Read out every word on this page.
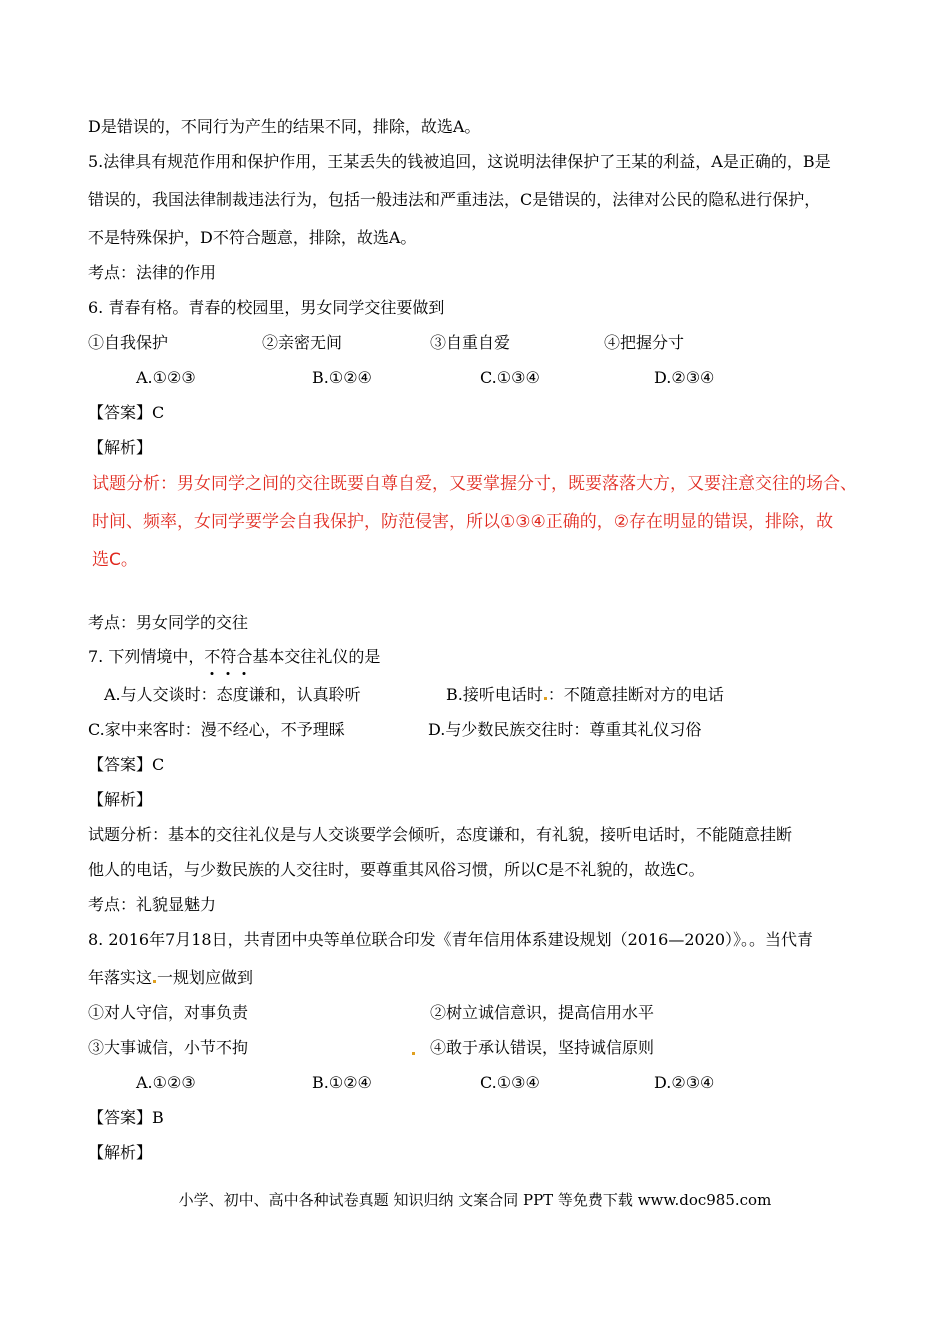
D是错误的，不同行为产生的结果不同，排除，故选A。
5.法律具有规范作用和保护作用，王某丢失的钱被追回，这说明法律保护了王某的利益，A是正确的，B是
错误的，我国法律制裁违法行为，包括一般违法和严重违法，C是错误的，法律对公民的隐私进行保护，
不是特殊保护，D不符合题意，排除，故选A。
考点：法律的作用
6. 青春有格。青春的校园里，男女同学交往要做到
①自我保护	②亲密无间	③自重自爱	④把握分寸
A.①②③	B.①②④	C.①③④	D.②③④
【答案】C
【解析】
试题分析：男女同学之间的交往既要自尊自爱，又要掌握分寸，既要落落大方，又要注意交往的场合、
时间、频率，女同学要学会自我保护，防范侵害，所以①③④正确的，②存在明显的错误，排除，故
选C。
考点：男女同学的交往
7. 下列情境中，不
符
合
基本交往礼仪的是
A.与人交谈时：态度谦和，认真聆听	B.接听电话时 ：不随意挂断对方的电话
C.家中来客时：漫不经心，不予理睬	D.与少数民族交往时：尊重其礼仪习俗
【答案】C
【解析】
试题分析：基本的交往礼仪是与人交谈要学会倾听，态度谦和，有礼貌，接听电话时，不能随意挂断
他人的电话，与少数民族的人交往时，要尊重其风俗习惯，所以C是不礼貌的，故选C。
考点：礼貌显魅力
8. 2016年7月18日，共青团中央等单位联合印发《青年信用体系建设规划（2016—2020）》。。当代青
年落实这 一规划应做到
①对人守信，对事负责	②树立诚信意识，提高信用水平
③大事诚信，小节不拘	④敢于承认错误，坚持诚信原则
A.①②③	B.①②④	C.①③④	D.②③④
【答案】B
【解析】
小学、初中、高中各种试卷真题 知识归纳 文案合同 PPT 等免费下载 www.doc985.com
